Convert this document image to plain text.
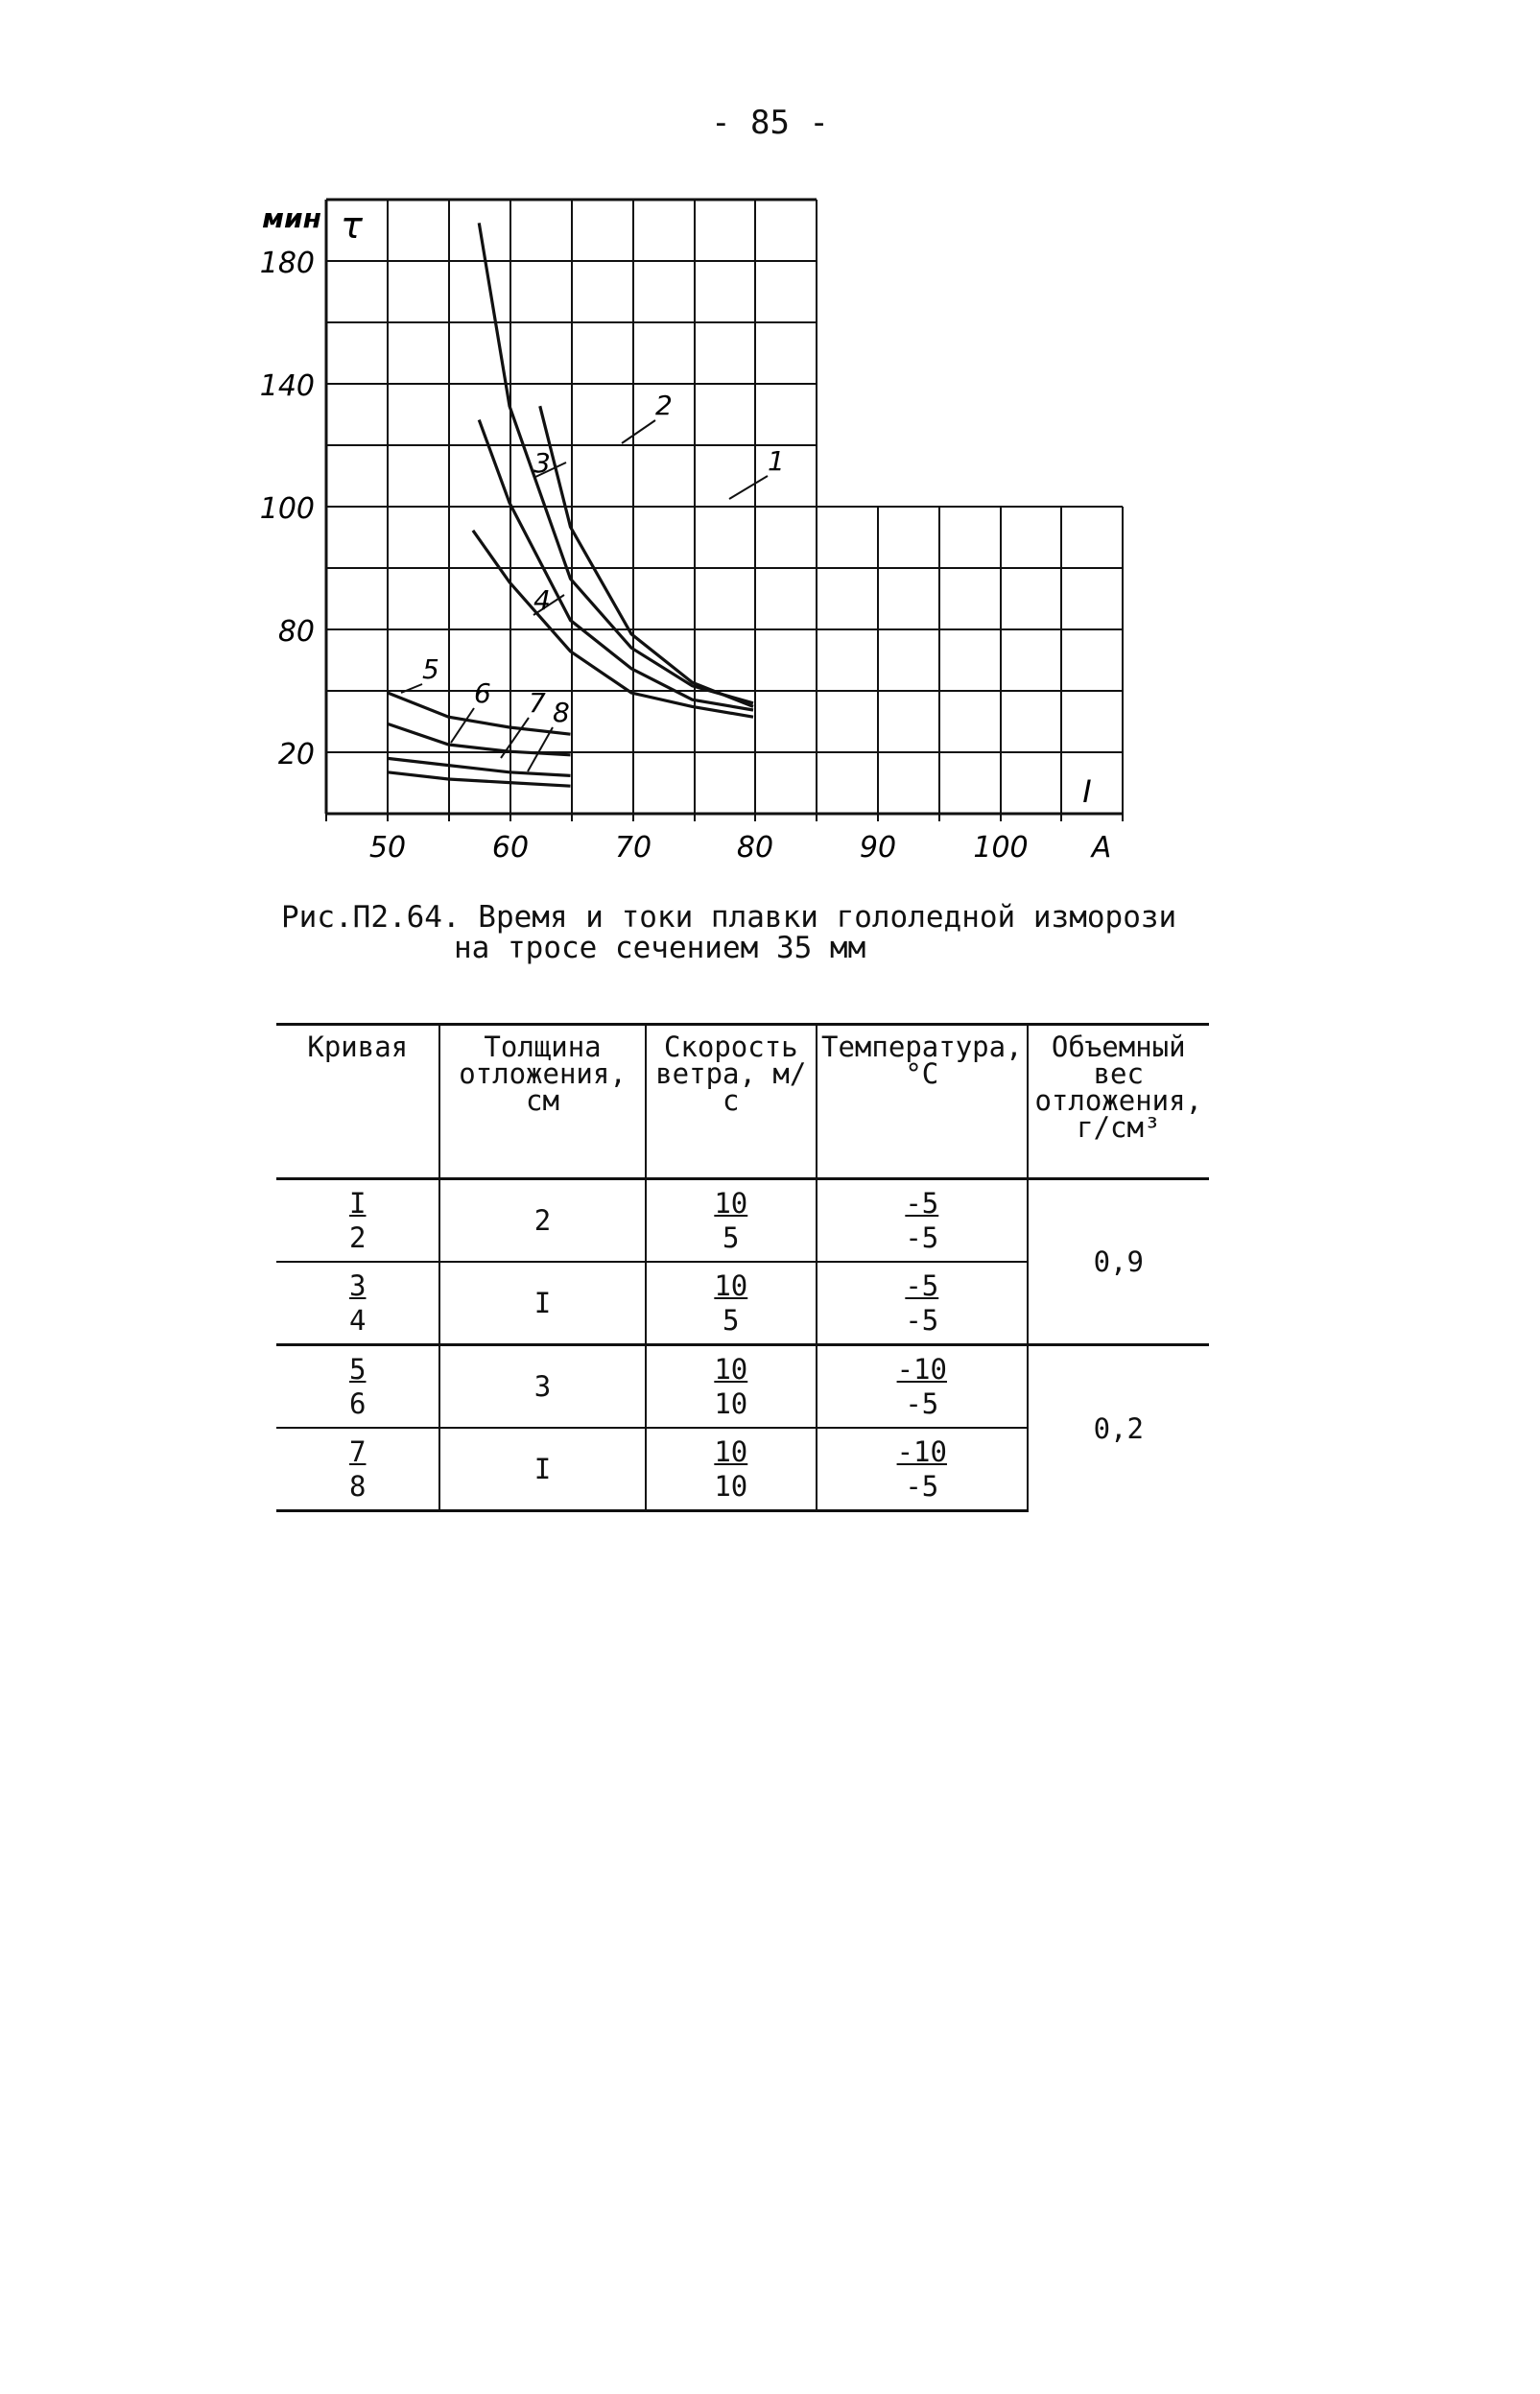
- 85 -
1
2
3
4
5
6 7 8
180
140
100
80
20
мин τ
50	60	70	80	90	100 А
I
Рис.П2.64. Время и токи плавки гололедной изморози
на тросе сечением 35 мм
Кривая	Толщина отложения, см	Скорость ветра, м/с	Температура, °С	Объемный вес отложения, г/см³

$\frac{I}{2}$	2	$\frac{10}{5}$	$\frac{-5}{-5}$	0,9

$\frac{3}{4}$	I	$\frac{10}{5}$	$\frac{-5}{-5}$

$\frac{5}{6}$	3	$\frac{10}{10}$	$\frac{-10}{-5}$	0,2

$\frac{7}{8}$	I	$\frac{10}{10}$	$\frac{-10}{-5}$
